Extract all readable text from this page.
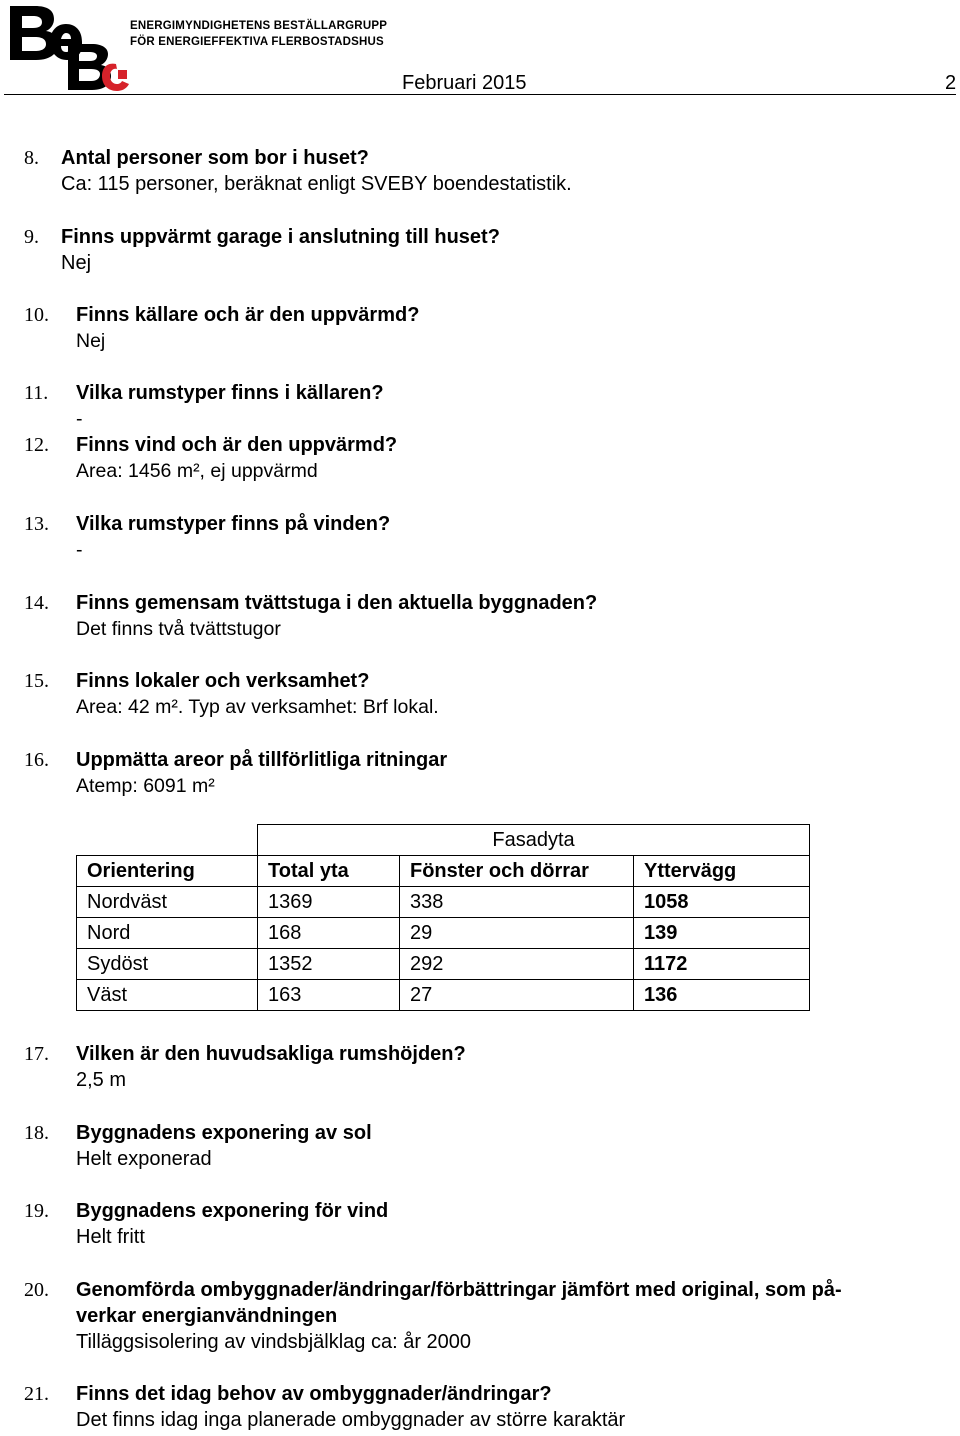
ENERGIMYNDIGHETENS BESTÄLLARGRUPP
FÖR ENERGIEFFEKTIVA FLERBOSTADSHUS
Februari 2015	2
8. Antal personer som bor i huset?
Ca: 115 personer, beräknat enligt SVEBY boendestatistik.
9. Finns uppvärmt garage i anslutning till huset?
Nej
10. Finns källare och är den uppvärmd?
Nej
11. Vilka rumstyper finns i källaren?
-
12. Finns vind och är den uppvärmd?
Area: 1456 m², ej uppvärmd
13. Vilka rumstyper finns på vinden?
-
14. Finns gemensam tvättstuga i den aktuella byggnaden?
Det finns två tvättstugor
15. Finns lokaler och verksamhet?
Area: 42 m². Typ av verksamhet: Brf lokal.
16. Uppmätta areor på tillförlitliga ritningar
Atemp: 6091 m²
	Fasadyta		
Orientering	Total yta	Fönster och dörrar	Yttervägg
Nordväst	1369	338	1058
Nord	168	29	139
Sydöst	1352	292	1172
Väst	163	27	136
17. Vilken är den huvudsakliga rumshöjden?
2,5 m
18. Byggnadens exponering av sol
Helt exponerad
19. Byggnadens exponering för vind
Helt fritt
20. Genomförda ombyggnader/ändringar/förbättringar jämfört med original, som på-
verkar energianvändningen
Tilläggsisolering av vindsbjälklag ca: år 2000
21. Finns det idag behov av ombyggnader/ändringar?
Det finns idag inga planerade ombyggnader av större karaktär
